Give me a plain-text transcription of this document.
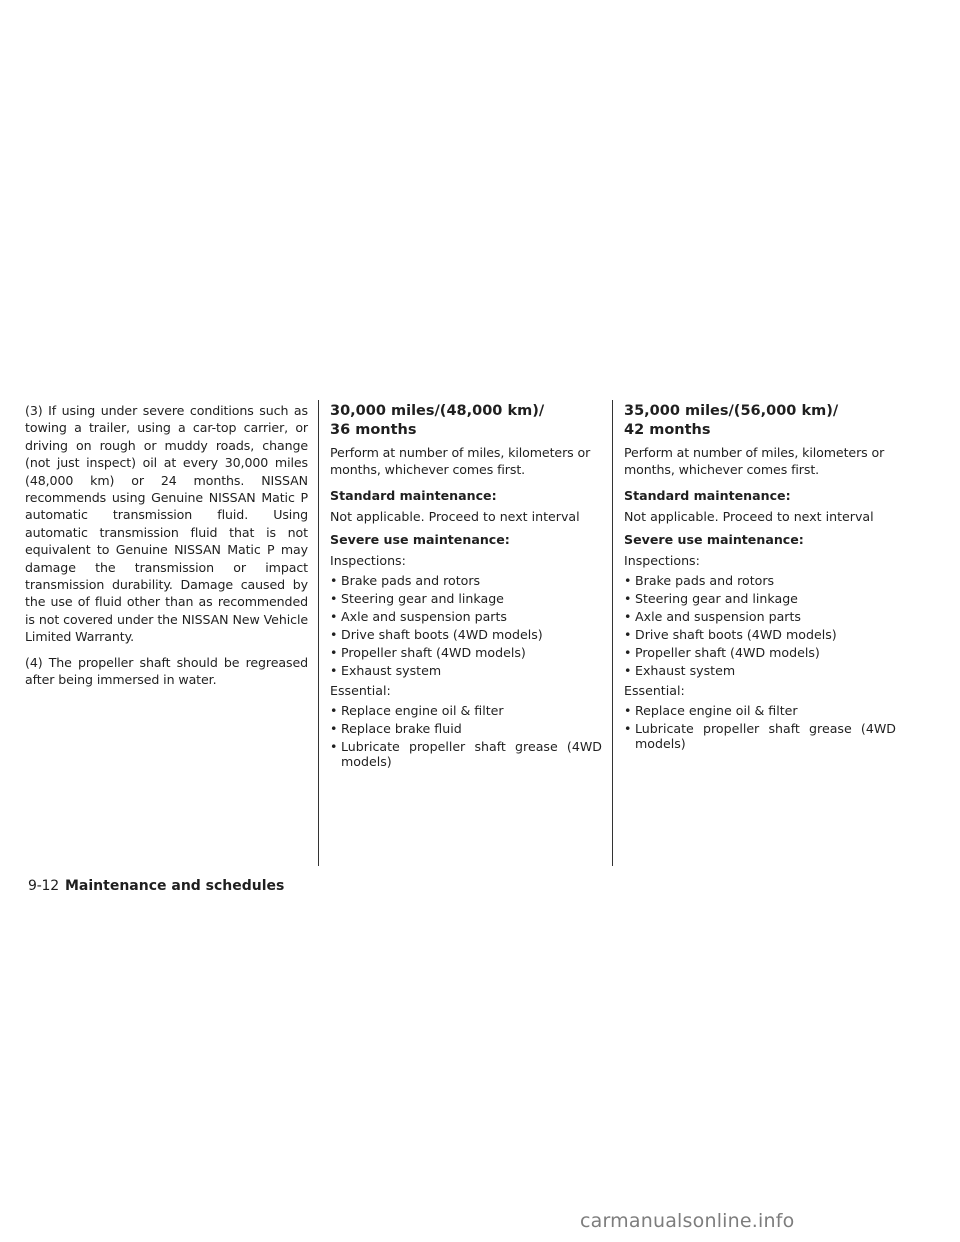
(3) If using under severe conditions such as towing a trailer, using a car-top carrier, or driving on rough or muddy roads, change (not just inspect) oil at every 30,000 miles (48,000 km) or 24 months. NISSAN recommends using Genuine NISSAN Matic P automatic transmission fluid. Using automatic transmission fluid that is not equivalent to Genuine NISSAN Matic P may damage the transmission or impact transmission durability. Damage caused by the use of fluid other than as recommended is not covered under the NISSAN New Vehicle Limited Warranty.

(4) The propeller shaft should be regreased after being immersed in water.

30,000 miles/(48,000 km)/
36 months

Perform at number of miles, kilometers or months, whichever comes first.

Standard maintenance:
Not applicable. Proceed to next interval
Severe use maintenance:
Inspections:
• Brake pads and rotors
• Steering gear and linkage
• Axle and suspension parts
• Drive shaft boots (4WD models)
• Propeller shaft (4WD models)
• Exhaust system
Essential:
• Replace engine oil & filter
• Replace brake fluid
• Lubricate propeller shaft grease (4WD models)
35,000 miles/(56,000 km)/
42 months

Perform at number of miles, kilometers or months, whichever comes first.

Standard maintenance:
Not applicable. Proceed to next interval
Severe use maintenance:
Inspections:
• Brake pads and rotors
• Steering gear and linkage
• Axle and suspension parts
• Drive shaft boots (4WD models)
• Propeller shaft (4WD models)
• Exhaust system
Essential:
• Replace engine oil & filter
• Lubricate propeller shaft grease (4WD models)
9-12 Maintenance and schedules
carmanualsonline.info
